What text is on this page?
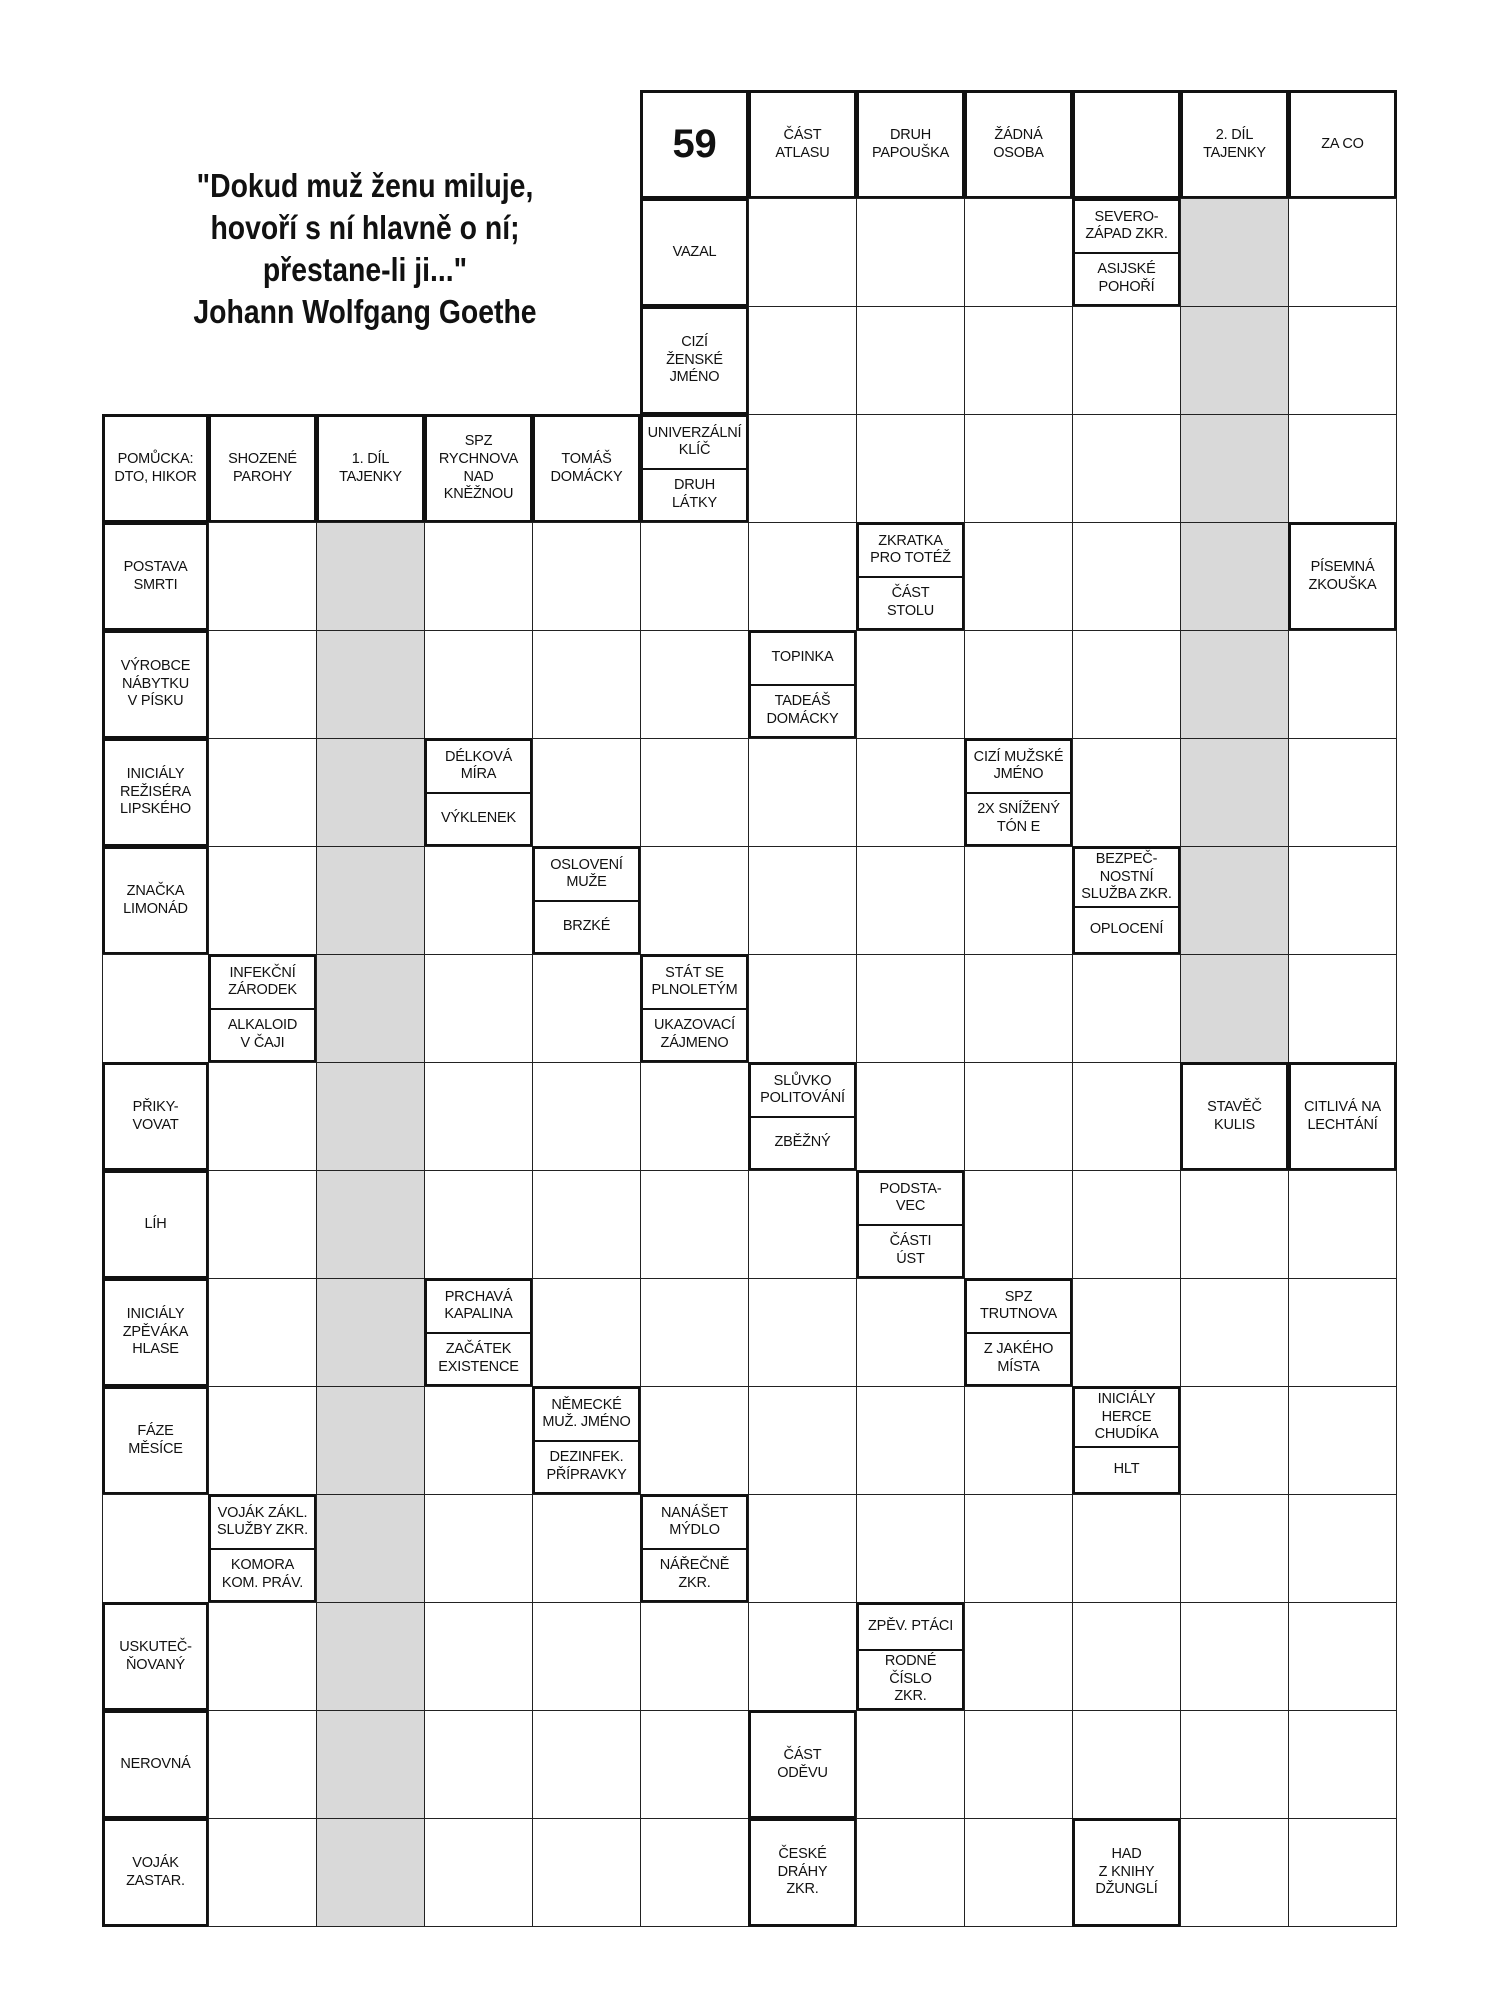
"Dokud muž ženu miluje,
hovoří s ní hlavně o ní;
přestane-li ji..."
Johann Wolfgang Goethe
59	ČÁST
ATLASU
DRUH
PAPOUŠKA
ŽÁDNÁ
OSOBA
2. DÍL
TAJENKY
ZA CO
VAZAL
SEVERO-
ZÁPAD ZKR.
ASIJSKÉ
POHOŘÍ
CIZÍ
ŽENSKÉ
JMÉNO
POMŮCKA:
DTO, HIKOR
SHOZENÉ
PAROHY
1. DÍL
TAJENKY
SPZ
RYCHNOVA
NAD
KNĚŽNOU
TOMÁŠ
DOMÁCKY
UNIVERZÁLNÍ
KLÍČ
DRUH
LÁTKY
POSTAVA
SMRTI
ZKRATKA
PRO TOTÉŽ
ČÁST
STOLU
PÍSEMNÁ
ZKOUŠKA
VÝROBCE
NÁBYTKU
V PÍSKU
TOPINKA
TADEÁŠ
DOMÁCKY
INICIÁLY
REŽISÉRA
LIPSKÉHO
DÉLKOVÁ
MÍRA
VÝKLENEK
CIZÍ MUŽSKÉ
JMÉNO
2X SNÍŽENÝ
TÓN E
ZNAČKA
LIMONÁD
OSLOVENÍ
MUŽE
BRZKÉ
BEZPEČ-
NOSTNÍ
SLUŽBA ZKR.
OPLOCENÍ
INFEKČNÍ
ZÁRODEK
ALKALOID
V ČAJI
STÁT SE
PLNOLETÝM
UKAZOVACÍ
ZÁJMENO
PŘIKY-
VOVAT
SLŮVKO
POLITOVÁNÍ
ZBĚŽNÝ
STAVĚČ
KULIS
CITLIVÁ NA
LECHTÁNÍ
LÍH
PODSTA-
VEC
ČÁSTI
ÚST
INICIÁLY
ZPĚVÁKA
HLASE
PRCHAVÁ
KAPALINA
ZAČÁTEK
EXISTENCE
SPZ
TRUTNOVA
Z JAKÉHO
MÍSTA
FÁZE
MĚSÍCE
NĚMECKÉ
MUŽ. JMÉNO
DEZINFEK.
PŘÍPRAVKY
INICIÁLY
HERCE
CHUDÍKA
HLT
VOJÁK ZÁKL.
SLUŽBY ZKR.
KOMORA
KOM. PRÁV.
NANÁŠET
MÝDLO
NÁŘEČNĚ
ZKR.
USKUTEČ-
ŇOVANÝ
ZPĚV. PTÁCI
RODNÉ
ČÍSLO
ZKR.
NEROVNÁ
ČÁST
ODĚVU
VOJÁK
ZASTAR.
ČESKÉ
DRÁHY
ZKR.
HAD
Z KNIHY
DŽUNGLÍ
